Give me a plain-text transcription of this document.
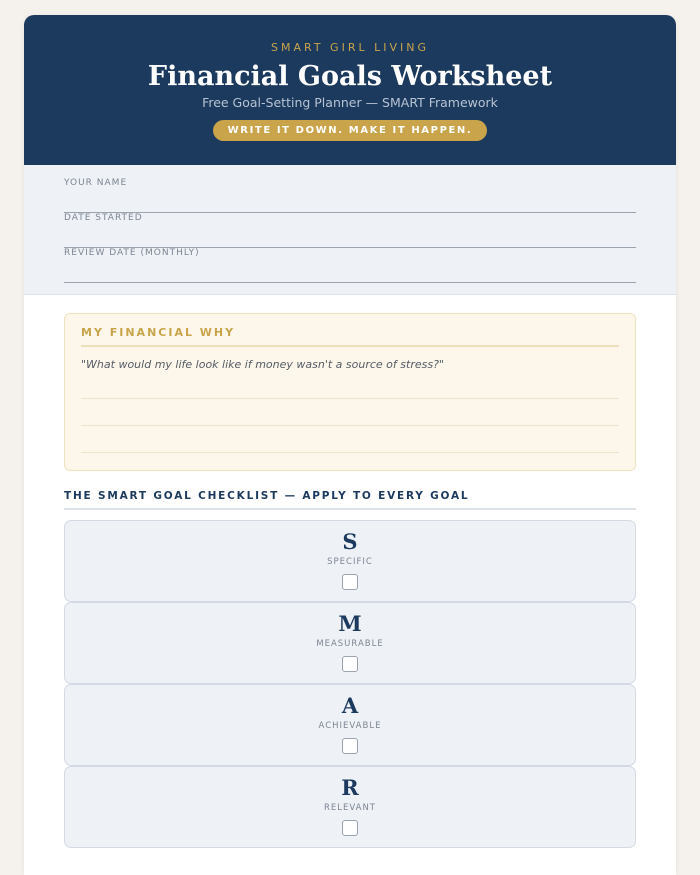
SMART GIRL LIVING
Financial Goals Worksheet
Free Goal-Setting Planner — SMART Framework
WRITE IT DOWN. MAKE IT HAPPEN.
YOUR NAME
DATE STARTED
REVIEW DATE (MONTHLY)
MY FINANCIAL WHY
"What would my life look like if money wasn't a source of stress?"
THE SMART GOAL CHECKLIST — APPLY TO EVERY GOAL
S
SPECIFIC
M
MEASURABLE
A
ACHIEVABLE
R
RELEVANT
